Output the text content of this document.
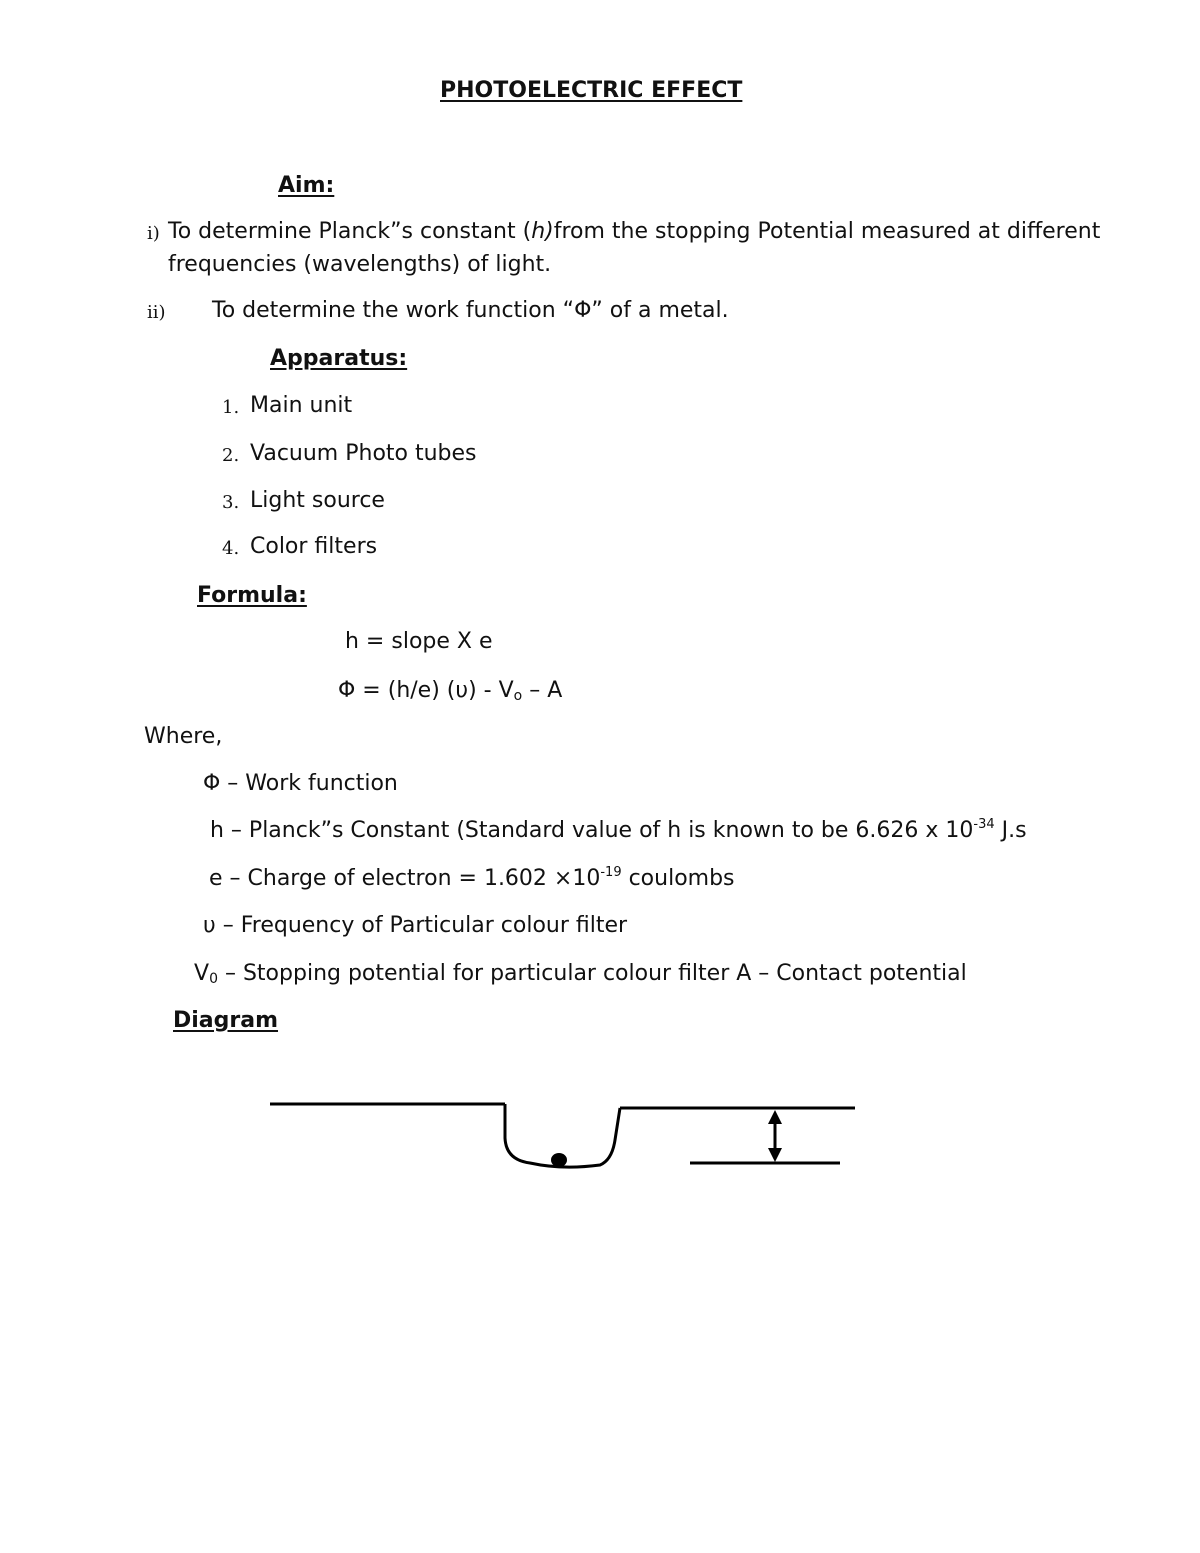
PHOTOELECTRIC EFFECT
Aim:
i) To determine Planck”s constant (h)from the stopping Potential measured at different
frequencies (wavelengths) of light.
ii) To determine the work function “Φ” of a metal.
Apparatus:
1. Main unit
2. Vacuum Photo tubes
3. Light source
4. Color filters
Formula:
h = slope X e
Φ = (h/e) $(\upsilon) - V_o$ – A
Where,
Φ – Work function
h – Planck”s Constant (Standard value of h is known to be 6.626 x $10^{-34}$ J.s
e – Charge of electron = $1.602 \times 10^{-19}$ coulombs
υ – Frequency of Particular colour filter
$V_0$ – Stopping potential for particular colour filter A – Contact potential
Diagram
